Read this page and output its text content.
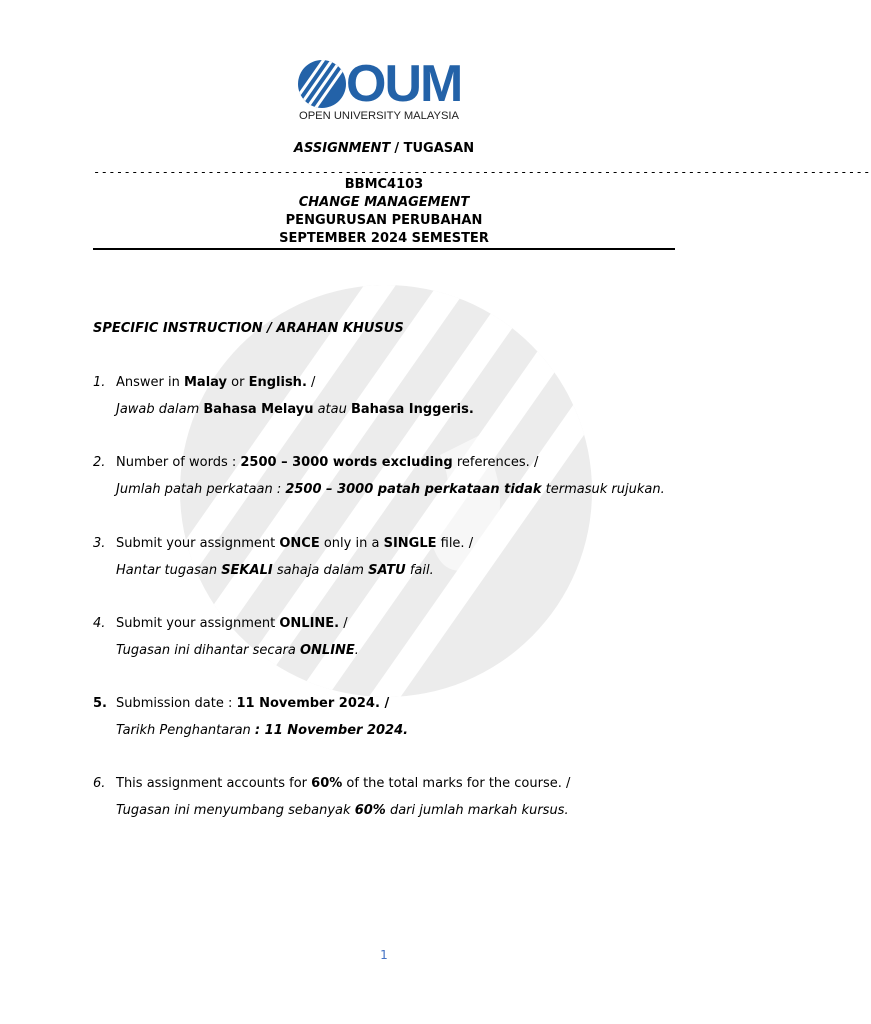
OUM
OPEN UNIVERSITY MALAYSIA
ASSIGNMENT / TUGASAN
------------------------------------------------------------------------------------------------------
BBMC4103
CHANGE MANAGEMENT
PENGURUSAN PERUBAHAN
SEPTEMBER 2024 SEMESTER
SPECIFIC INSTRUCTION / ARAHAN KHUSUS
1. Answer in Malay or English. /
Jawab dalam Bahasa Melayu atau Bahasa Inggeris.
2. Number of words : 2500 – 3000 words excluding references. /
Jumlah patah perkataan : 2500 – 3000 patah perkataan tidak termasuk rujukan.
3. Submit your assignment ONCE only in a SINGLE file. /
Hantar tugasan SEKALI sahaja dalam SATU fail.
4. Submit your assignment ONLINE. /
Tugasan ini dihantar secara ONLINE.
5. Submission date : 11 November 2024. /
Tarikh Penghantaran : 11 November 2024.
6. This assignment accounts for 60% of the total marks for the course. /
Tugasan ini menyumbang sebanyak 60% dari jumlah markah kursus.
1
